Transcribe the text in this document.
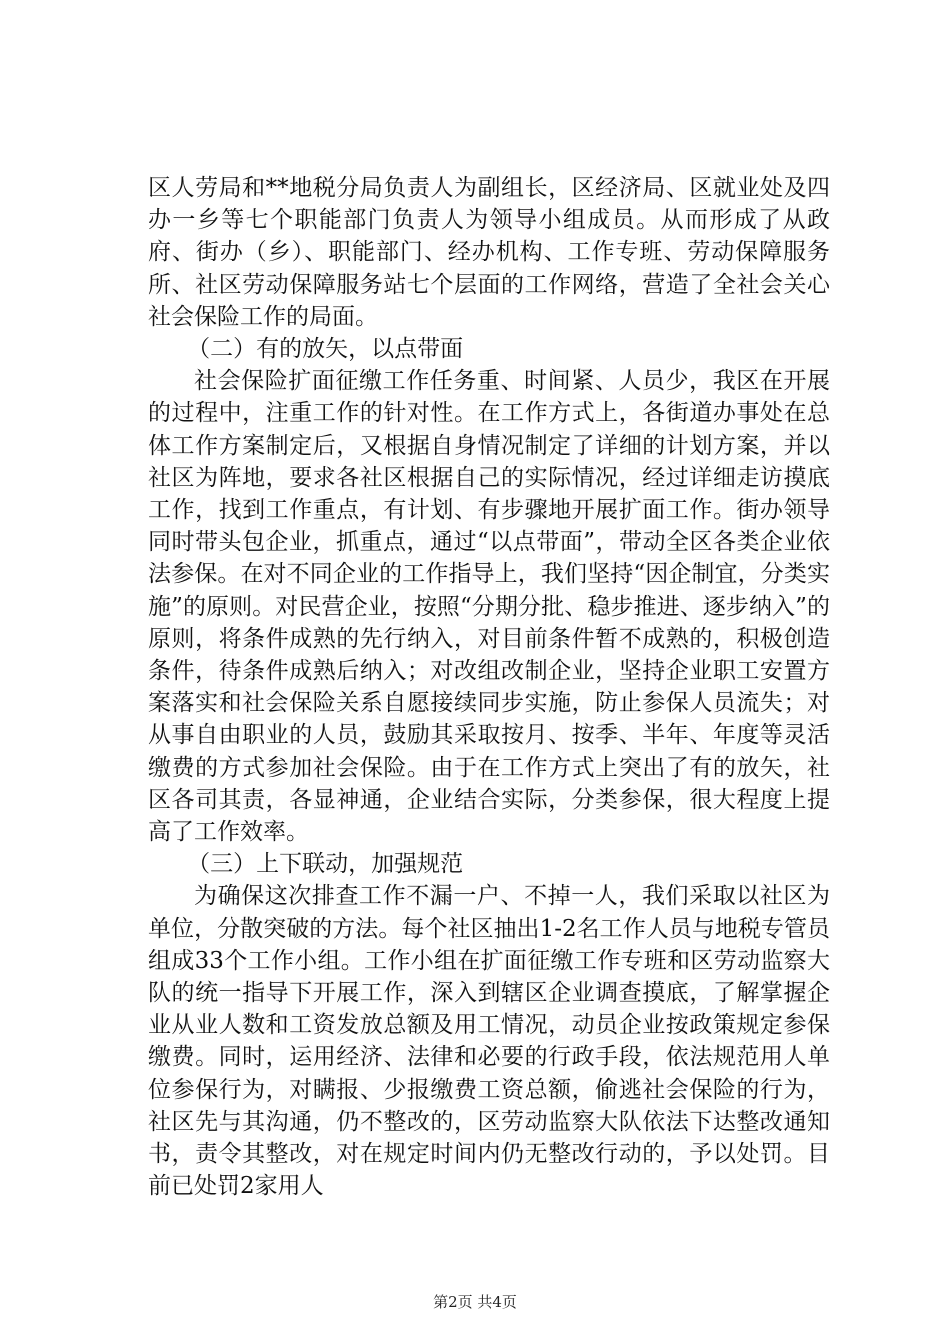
区人劳局和**地税分局负责人为副组长，区经济局、区就业处及四办一乡等七个职能部门负责人为领导小组成员。从而形成了从政府、街办（乡）、职能部门、经办机构、工作专班、劳动保障服务所、社区劳动保障服务站七个层面的工作网络，营造了全社会关心社会保险工作的局面。

（二）有的放矢，以点带面

社会保险扩面征缴工作任务重、时间紧、人员少，我区在开展的过程中，注重工作的针对性。在工作方式上，各街道办事处在总体工作方案制定后，又根据自身情况制定了详细的计划方案，并以社区为阵地，要求各社区根据自己的实际情况，经过详细走访摸底工作，找到工作重点，有计划、有步骤地开展扩面工作。街办领导同时带头包企业，抓重点，通过“以点带面”，带动全区各类企业依法参保。在对不同企业的工作指导上，我们坚持“因企制宜，分类实施”的原则。对民营企业，按照“分期分批、稳步推进、逐步纳入”的原则，将条件成熟的先行纳入，对目前条件暂不成熟的，积极创造条件，待条件成熟后纳入；对改组改制企业，坚持企业职工安置方案落实和社会保险关系自愿接续同步实施，防止参保人员流失；对从事自由职业的人员，鼓励其采取按月、按季、半年、年度等灵活缴费的方式参加社会保险。由于在工作方式上突出了有的放矢，社区各司其责，各显神通，企业结合实际，分类参保，很大程度上提高了工作效率。

（三）上下联动，加强规范

为确保这次排查工作不漏一户、不掉一人，我们采取以社区为单位，分散突破的方法。每个社区抽出1-2名工作人员与地税专管员组成33个工作小组。工作小组在扩面征缴工作专班和区劳动监察大队的统一指导下开展工作，深入到辖区企业调查摸底，了解掌握企业从业人数和工资发放总额及用工情况，动员企业按政策规定参保缴费。同时，运用经济、法律和必要的行政手段，依法规范用人单位参保行为，对瞒报、少报缴费工资总额，偷逃社会保险的行为，社区先与其沟通，仍不整改的，区劳动监察大队依法下达整改通知书，责令其整改，对在规定时间内仍无整改行动的，予以处罚。目前已处罚2家用人

第2页 共4页
